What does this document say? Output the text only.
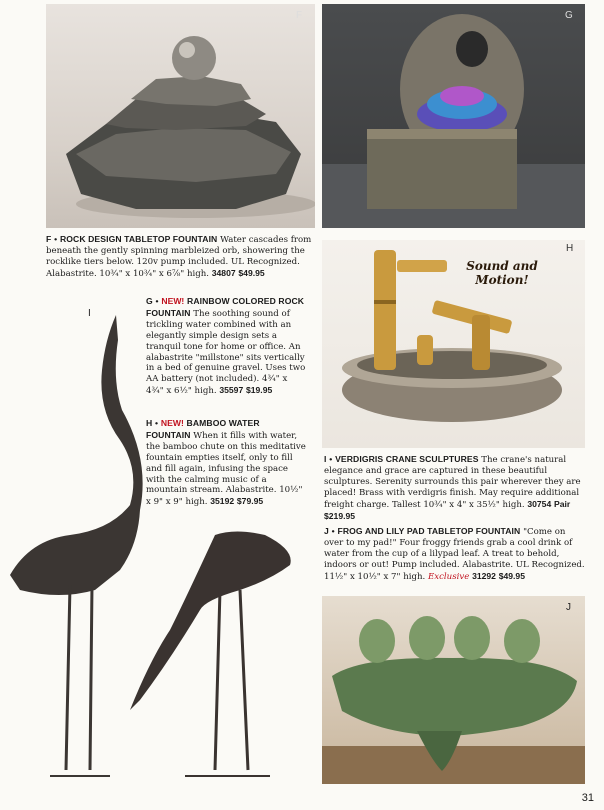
F	G
H
Sound and Motion!
I
J
F • ROCK DESIGN TABLETOP FOUNTAIN Water cascades from beneath the gently spinning marbleized orb, showering the rocklike tiers below. 120v pump included. UL Recognized. Alabastrite. 10¾" x 10¾" x 6⅞" high. 34807 $49.95
G • NEW! RAINBOW COLORED ROCK FOUNTAIN The soothing sound of trickling water combined with an elegantly simple design sets a tranquil tone for home or office. An alabastrite "millstone" sits vertically in a bed of genuine gravel. Uses two AA battery (not included). 4¾" x 4¾" x 6½" high. 35597 $19.95
H • NEW! BAMBOO WATER FOUNTAIN When it fills with water, the bamboo chute on this meditative fountain empties itself, only to fill and fill again, infusing the space with the calming music of a mountain stream. Alabastrite. 10½" x 9" x 9" high. 35192 $79.95
I • VERDIGRIS CRANE SCULPTURES The crane's natural elegance and grace are captured in these beautiful sculptures. Serenity surrounds this pair wherever they are placed! Brass with verdigris finish. May require additional freight charge. Tallest 10¾" x 4" x 35½" high. 30754 Pair $219.95
J • FROG AND LILY PAD TABLETOP FOUNTAIN "Come on over to my pad!" Four froggy friends grab a cool drink of water from the cup of a lilypad leaf. A treat to behold, indoors or out! Pump included. Alabastrite. UL Recognized. 11½" x 10½" x 7" high. Exclusive 31292 $49.95
31
